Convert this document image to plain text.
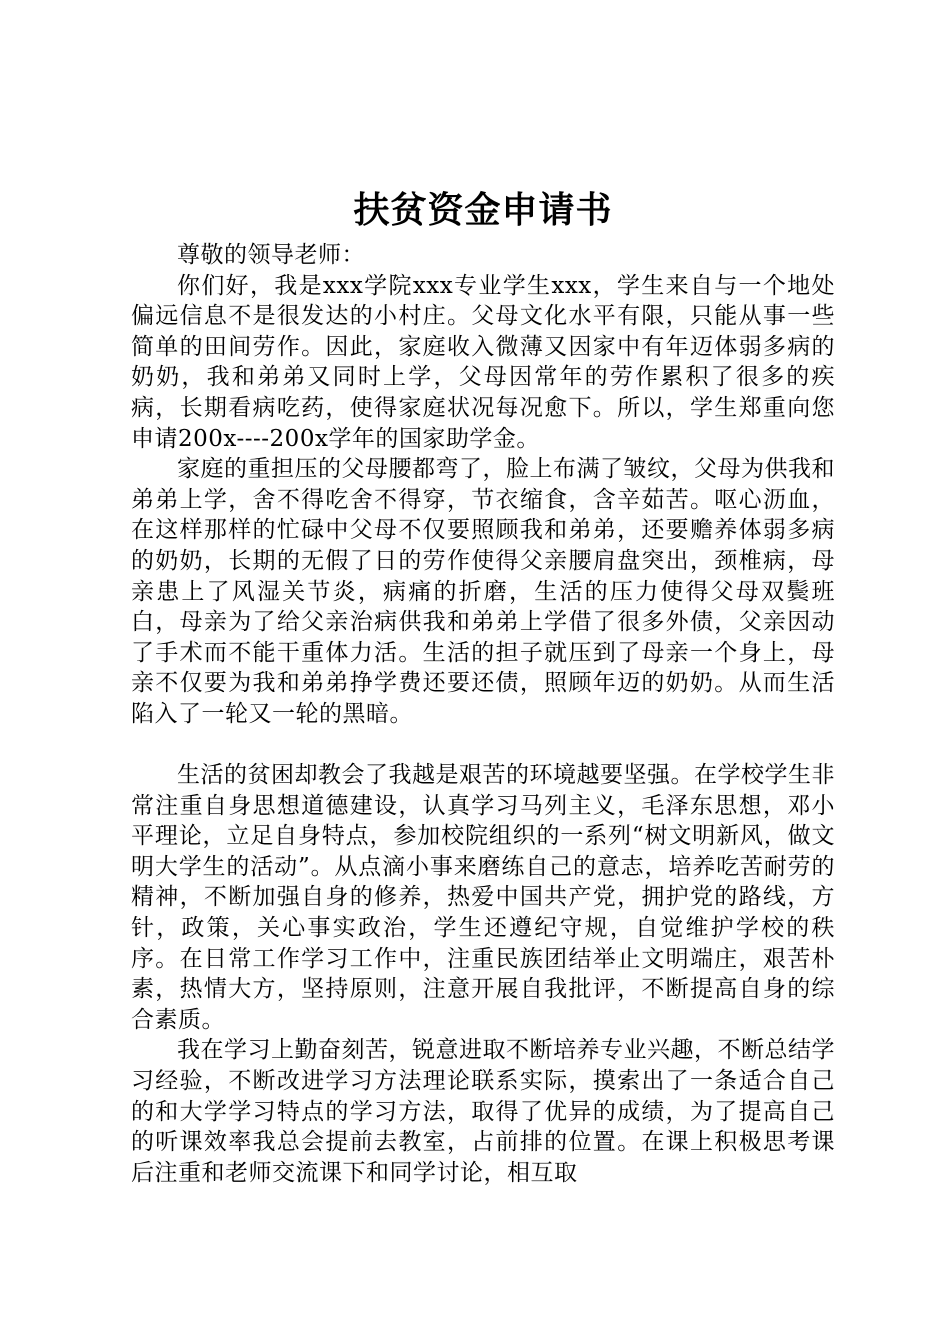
扶贫资金申请书

尊敬的领导老师：

你们好，我是xxx学院xxx专业学生xxx，学生来自与一个地处偏远信息不是很发达的小村庄。父母文化水平有限，只能从事一些简单的田间劳作。因此，家庭收入微薄又因家中有年迈体弱多病的奶奶，我和弟弟又同时上学，父母因常年的劳作累积了很多的疾病，长期看病吃药，使得家庭状况每况愈下。所以，学生郑重向您申请200x----200x学年的国家助学金。

家庭的重担压的父母腰都弯了，脸上布满了皱纹，父母为供我和弟弟上学，舍不得吃舍不得穿，节衣缩食，含辛茹苦。呕心沥血，在这样那样的忙碌中父母不仅要照顾我和弟弟，还要赡养体弱多病的奶奶，长期的无假了日的劳作使得父亲腰肩盘突出，颈椎病，母亲患上了风湿关节炎，病痛的折磨，生活的压力使得父母双鬓班白，母亲为了给父亲治病供我和弟弟上学借了很多外债，父亲因动了手术而不能干重体力活。生活的担子就压到了母亲一个身上，母亲不仅要为我和弟弟挣学费还要还债，照顾年迈的奶奶。从而生活陷入了一轮又一轮的黑暗。

生活的贫困却教会了我越是艰苦的环境越要坚强。在学校学生非常注重自身思想道德建设，认真学习马列主义，毛泽东思想，邓小平理论，立足自身特点，参加校院组织的一系列“树文明新风，做文明大学生的活动”。从点滴小事来磨练自己的意志，培养吃苦耐劳的精神，不断加强自身的修养，热爱中国共产党，拥护党的路线，方针，政策，关心事实政治，学生还遵纪守规，自觉维护学校的秩序。在日常工作学习工作中，注重民族团结举止文明端庄，艰苦朴素，热情大方，坚持原则，注意开展自我批评，不断提高自身的综合素质。

我在学习上勤奋刻苦，锐意进取不断培养专业兴趣，不断总结学习经验，不断改进学习方法理论联系实际，摸索出了一条适合自己的和大学学习特点的学习方法，取得了优异的成绩，为了提高自己的听课效率我总会提前去教室，占前排的位置。在课上积极思考课后注重和老师交流课下和同学讨论，相互取
